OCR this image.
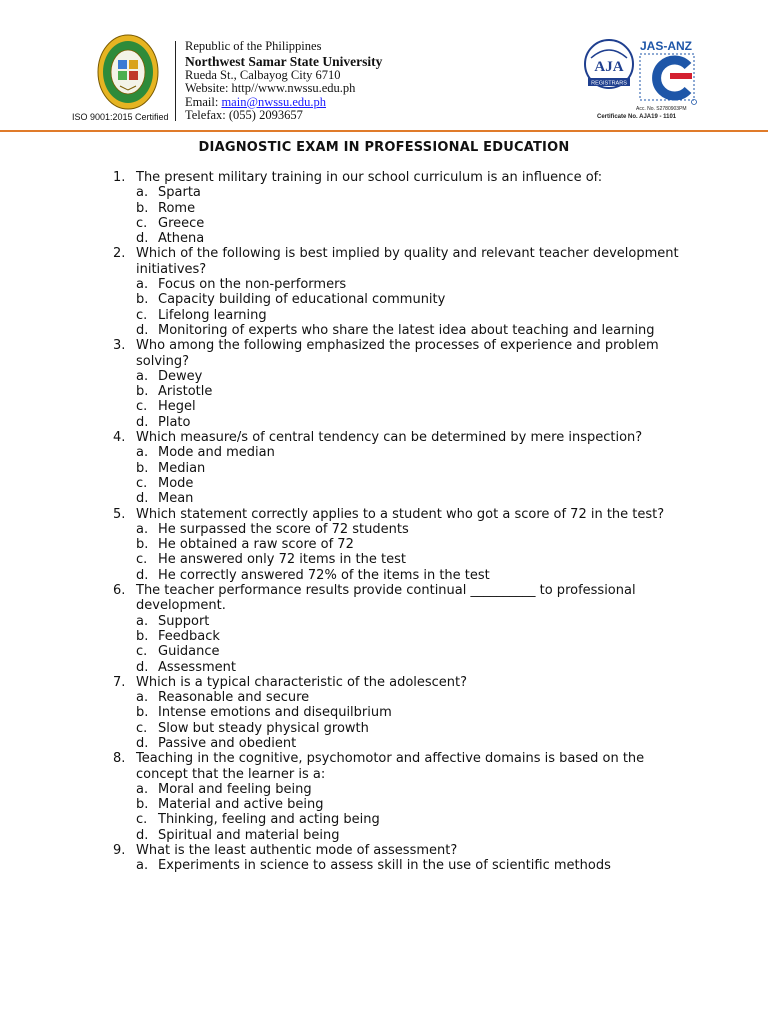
ISO 9001:2015 Certified
Republic of the Philippines
Northwest Samar State University
Rueda St., Calbayog City 6710
Website: http//www.nwssu.edu.ph
Email: main@nwssu.edu.ph
Telefax: (055) 2093657
AJA
REGISTRARS
JAS-ANZ
Acc. No. S2780903PM
Certificate No. AJA19 - 1101
DIAGNOSTIC EXAM IN PROFESSIONAL EDUCATION
1. The present military training in our school curriculum is an influence of:
a. Sparta
b. Rome
c. Greece
d. Athena
2. Which of the following is best implied by quality and relevant teacher development initiatives?
a. Focus on the non-performers
b. Capacity building of educational community
c. Lifelong learning
d. Monitoring of experts who share the latest idea about teaching and learning
3. Who among the following emphasized the processes of experience and problem solving?
a. Dewey
b. Aristotle
c. Hegel
d. Plato
4. Which measure/s of central tendency can be determined by mere inspection?
a. Mode and median
b. Median
c. Mode
d. Mean
5. Which statement correctly applies to a student who got a score of 72 in the test?
a. He surpassed the score of 72 students
b. He obtained a raw score of 72
c. He answered only 72 items in the test
d. He correctly answered 72% of the items in the test
6. The teacher performance results provide continual __________ to professional development.
a. Support
b. Feedback
c. Guidance
d. Assessment
7. Which is a typical characteristic of the adolescent?
a. Reasonable and secure
b. Intense emotions and disequilbrium
c. Slow but steady physical growth
d. Passive and obedient
8. Teaching in the cognitive, psychomotor and affective domains is based on the concept that the learner is a:
a. Moral and feeling being
b. Material and active being
c. Thinking, feeling and acting being
d. Spiritual and material being
9. What is the least authentic mode of assessment?
a. Experiments in science to assess skill in the use of scientific methods
